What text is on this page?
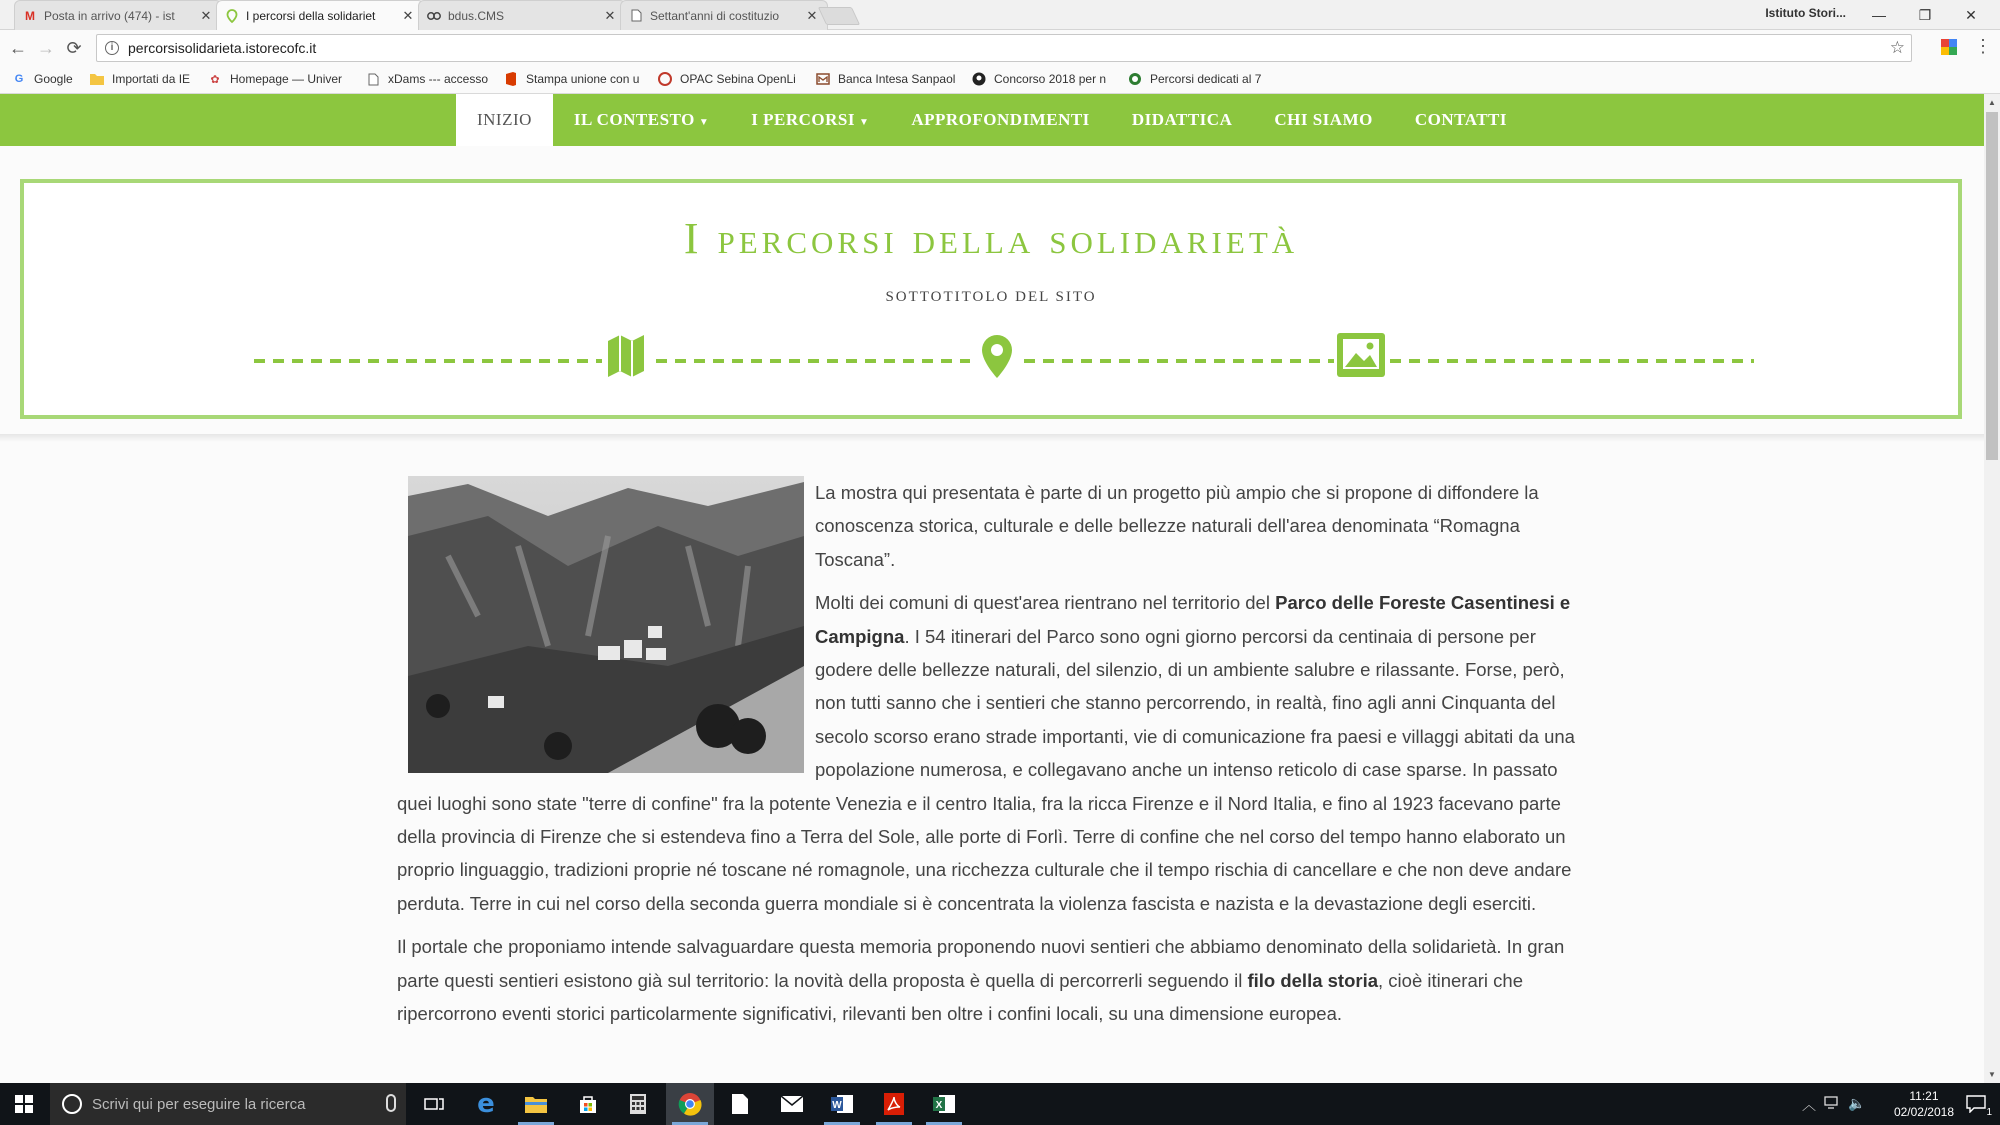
M Posta in arrivo (474) - ist	✕	I percorsi della solidariet	✕	bdus.CMS	✕	Settant'anni di costituzio	✕	Istituto Stori...	—	❐	✕
← → ⟳	i	percorsisolidarieta.istorecofc.it	☆	⋮
G Google	Importati da IE ✿ Homepage — Univer	xDams --- accesso	Stampa unione con u	OPAC Sebina OpenLi	Banca Intesa Sanpaol	Concorso 2018 per n	Percorsi dedicati al 7
INIZIO	IL CONTESTO ▼	I PERCORSI ▼	APPROFONDIMENTI	DIDATTICA	CHI SIAMO	CONTATTI
I percorsi della solidarietà
SOTTOTITOLO DEL SITO

La mostra qui presentata è parte di un progetto più ampio che si propone di diffondere la conoscenza storica, culturale e delle bellezze naturali dell'area denominata “Romagna Toscana”.

Molti dei comuni di quest'area rientrano nel territorio del Parco delle Foreste Casentinesi e Campigna. I 54 itinerari del Parco sono ogni giorno percorsi da centinaia di persone per godere delle bellezze naturali, del silenzio, di un ambiente salubre e rilassante. Forse, però, non tutti sanno che i sentieri che stanno percorrendo, in realtà, fino agli anni Cinquanta del secolo scorso erano strade importanti, vie di comunicazione fra paesi e villaggi abitati da una popolazione numerosa, e collegavano anche un intenso reticolo di case sparse. In passato quei luoghi sono state "terre di confine" fra la potente Venezia e il centro Italia, fra la ricca Firenze e il Nord Italia, e fino al 1923 facevano parte della provincia di Firenze che si estendeva fino a Terra del Sole, alle porte di Forlì. Terre di confine che nel corso del tempo hanno elaborato un proprio linguaggio, tradizioni proprie né toscane né romagnole, una ricchezza culturale che il tempo rischia di cancellare e che non deve andare perduta. Terre in cui nel corso della seconda guerra mondiale si è concentrata la violenza fascista e nazista e la devastazione degli eserciti.

Il portale che proponiamo intende salvaguardare questa memoria proponendo nuovi sentieri che abbiamo denominato della solidarietà. In gran parte questi sentieri esistono già sul territorio: la novità della proposta è quella di percorrerli seguendo il filo della storia, cioè itinerari che ripercorrono eventi storici particolarmente significativi, rilevanti ben oltre i confini locali, su una dimensione europea.

▲
▼
Scrivi qui per eseguire la ricerca	e	W	X	︿ 🔈	11:21
02/02/2018	1
